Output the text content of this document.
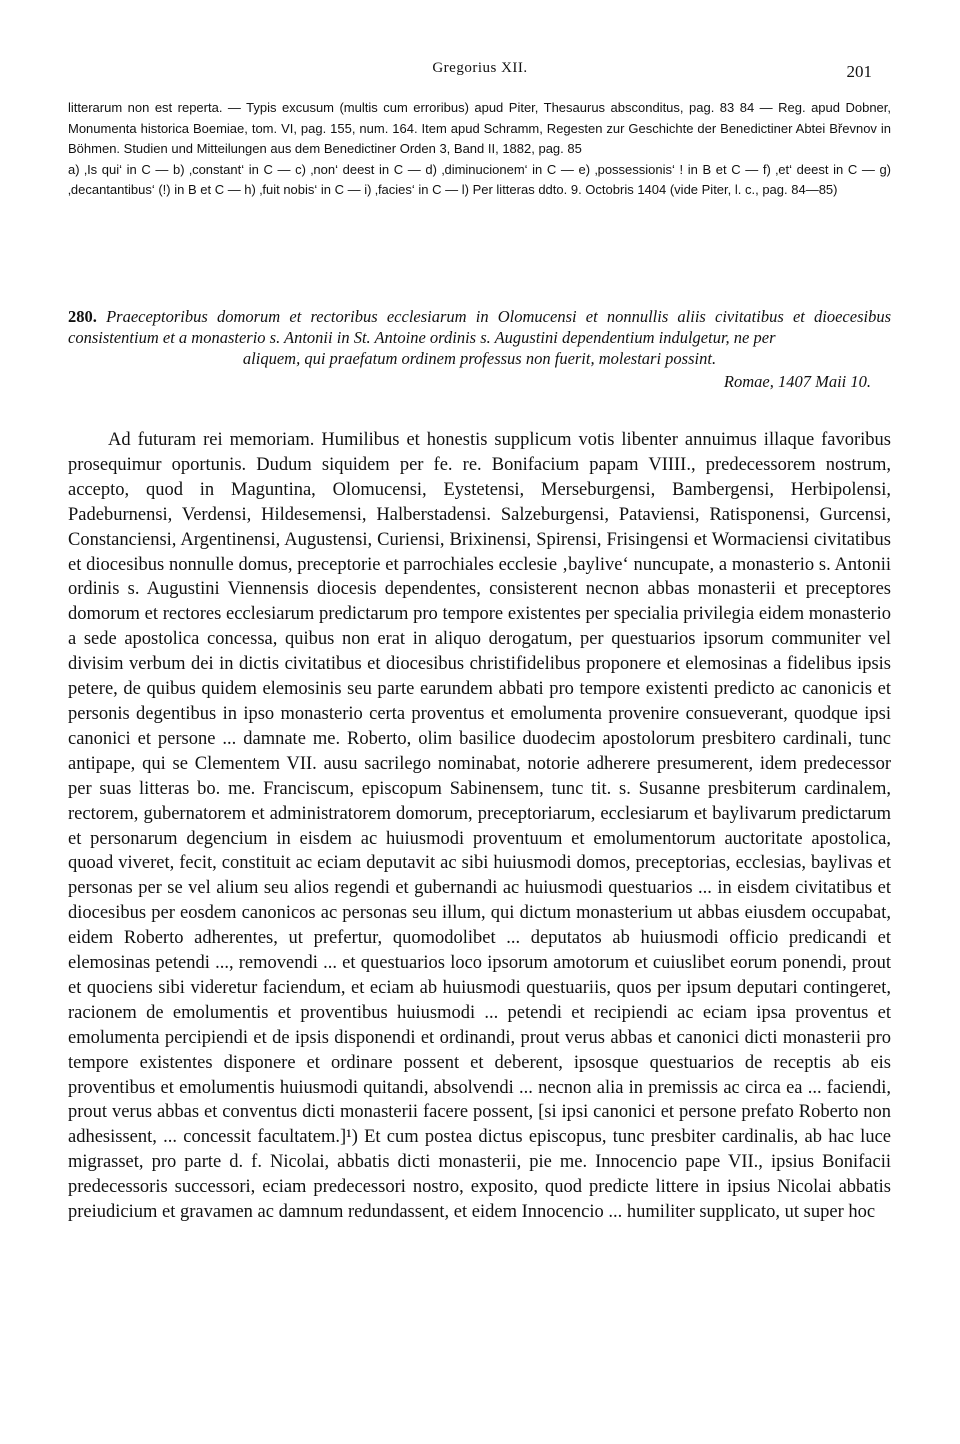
Gregorius XII.	201

litterarum non est reperta. — Typis excusum (multis cum erroribus) apud Piter, Thesaurus absconditus, pag. 83 84 — Reg. apud Dobner, Monumenta historica Boemiae, tom. VI, pag. 155, num. 164. Item apud Schramm, Regesten zur Geschichte der Benedictiner Abtei Břevnov in Böhmen. Studien und Mitteilungen aus dem Benedictiner Orden 3, Band II, 1882, pag. 85

a) ‚Is qui‘ in C — b) ‚constant‘ in C — c) ‚non‘ deest in C — d) ‚diminucionem‘ in C — e) ‚possessionis‘ ! in B et C — f) ‚et‘ deest in C — g) ‚decantantibus‘ (!) in B et C — h) ‚fuit nobis‘ in C — i) ‚facies‘ in C — l) Per litteras ddto. 9. Octobris 1404 (vide Piter, l. c., pag. 84—85)

280. Praeceptoribus domorum et rectoribus ecclesiarum in Olomucensi et nonnullis aliis civitatibus et dioecesibus consistentium et a monasterio s. Antonii in St. Antoine ordinis s. Augustini dependentium indulgetur, ne per

aliquem, qui praefatum ordinem professus non fuerit, molestari possint.

Romae, 1407 Maii 10.

Ad futuram rei memoriam. Humilibus et honestis supplicum votis libenter annuimus illaque favoribus prosequimur oportunis. Dudum siquidem per fe. re. Bonifacium papam VIIII., predecessorem nostrum, accepto, quod in Maguntina, Olomucensi, Eystetensi, Merseburgensi, Bambergensi, Herbipolensi, Padeburnensi, Verdensi, Hildesemensi, Halberstadensi. Salzeburgensi, Pataviensi, Ratisponensi, Gurcensi, Constanciensi, Argentinensi, Augustensi, Curiensi, Brixinensi, Spirensi, Frisingensi et Wormaciensi civitatibus et diocesibus nonnulle domus, preceptorie et parrochiales ecclesie ‚baylive‘ nuncupate, a monasterio s. Antonii ordinis s. Augustini Viennensis diocesis dependentes, consisterent necnon abbas monasterii et preceptores domorum et rectores ecclesiarum predictarum pro tempore existentes per specialia privilegia eidem monasterio a sede apostolica concessa, quibus non erat in aliquo derogatum, per questuarios ipsorum communiter vel divisim verbum dei in dictis civitatibus et diocesibus christifidelibus proponere et elemosinas a fidelibus ipsis petere, de quibus quidem elemosinis seu parte earundem abbati pro tempore existenti predicto ac canonicis et personis degentibus in ipso monasterio certa proventus et emolumenta provenire consueverant, quodque ipsi canonici et persone ... damnate me. Roberto, olim basilice duodecim apostolorum presbitero cardinali, tunc antipape, qui se Clementem VII. ausu sacrilego nominabat, notorie adherere presumerent, idem predecessor per suas litteras bo. me. Franciscum, episcopum Sabinensem, tunc tit. s. Susanne presbiterum cardinalem, rectorem, gubernatorem et administratorem domorum, preceptoriarum, ecclesiarum et baylivarum predictarum et personarum degencium in eisdem ac huiusmodi proventuum et emolumentorum auctoritate apostolica, quoad viveret, fecit, constituit ac eciam deputavit ac sibi huiusmodi domos, preceptorias, ecclesias, baylivas et personas per se vel alium seu alios regendi et gubernandi ac huiusmodi questuarios ... in eisdem civitatibus et diocesibus per eosdem canonicos ac personas seu illum, qui dictum monasterium ut abbas eiusdem occupabat, eidem Roberto adherentes, ut prefertur, quomodolibet ... deputatos ab huiusmodi officio predicandi et elemosinas petendi ..., removendi ... et questuarios loco ipsorum amotorum et cuiuslibet eorum ponendi, prout et quociens sibi videretur faciendum, et eciam ab huiusmodi questuariis, quos per ipsum deputari contingeret, racionem de emolumentis et proventibus huiusmodi ... petendi et recipiendi ac eciam ipsa proventus et emolumenta percipiendi et de ipsis disponendi et ordinandi, prout verus abbas et canonici dicti monasterii pro tempore existentes disponere et ordinare possent et deberent, ipsosque questuarios de receptis ab eis proventibus et emolumentis huiusmodi quitandi, absolvendi ... necnon alia in premissis ac circa ea ... faciendi, prout verus abbas et conventus dicti monasterii facere possent, [si ipsi canonici et persone prefato Roberto non adhesissent, ... concessit facultatem.]¹) Et cum postea dictus episcopus, tunc presbiter cardinalis, ab hac luce migrasset, pro parte d. f. Nicolai, abbatis dicti monasterii, pie me. Innocencio pape VII., ipsius Bonifacii predecessoris successori, eciam predecessori nostro, exposito, quod predicte littere in ipsius Nicolai abbatis preiudicium et gravamen ac damnum redundassent, et eidem Innocencio ... humiliter supplicato, ut super hoc
